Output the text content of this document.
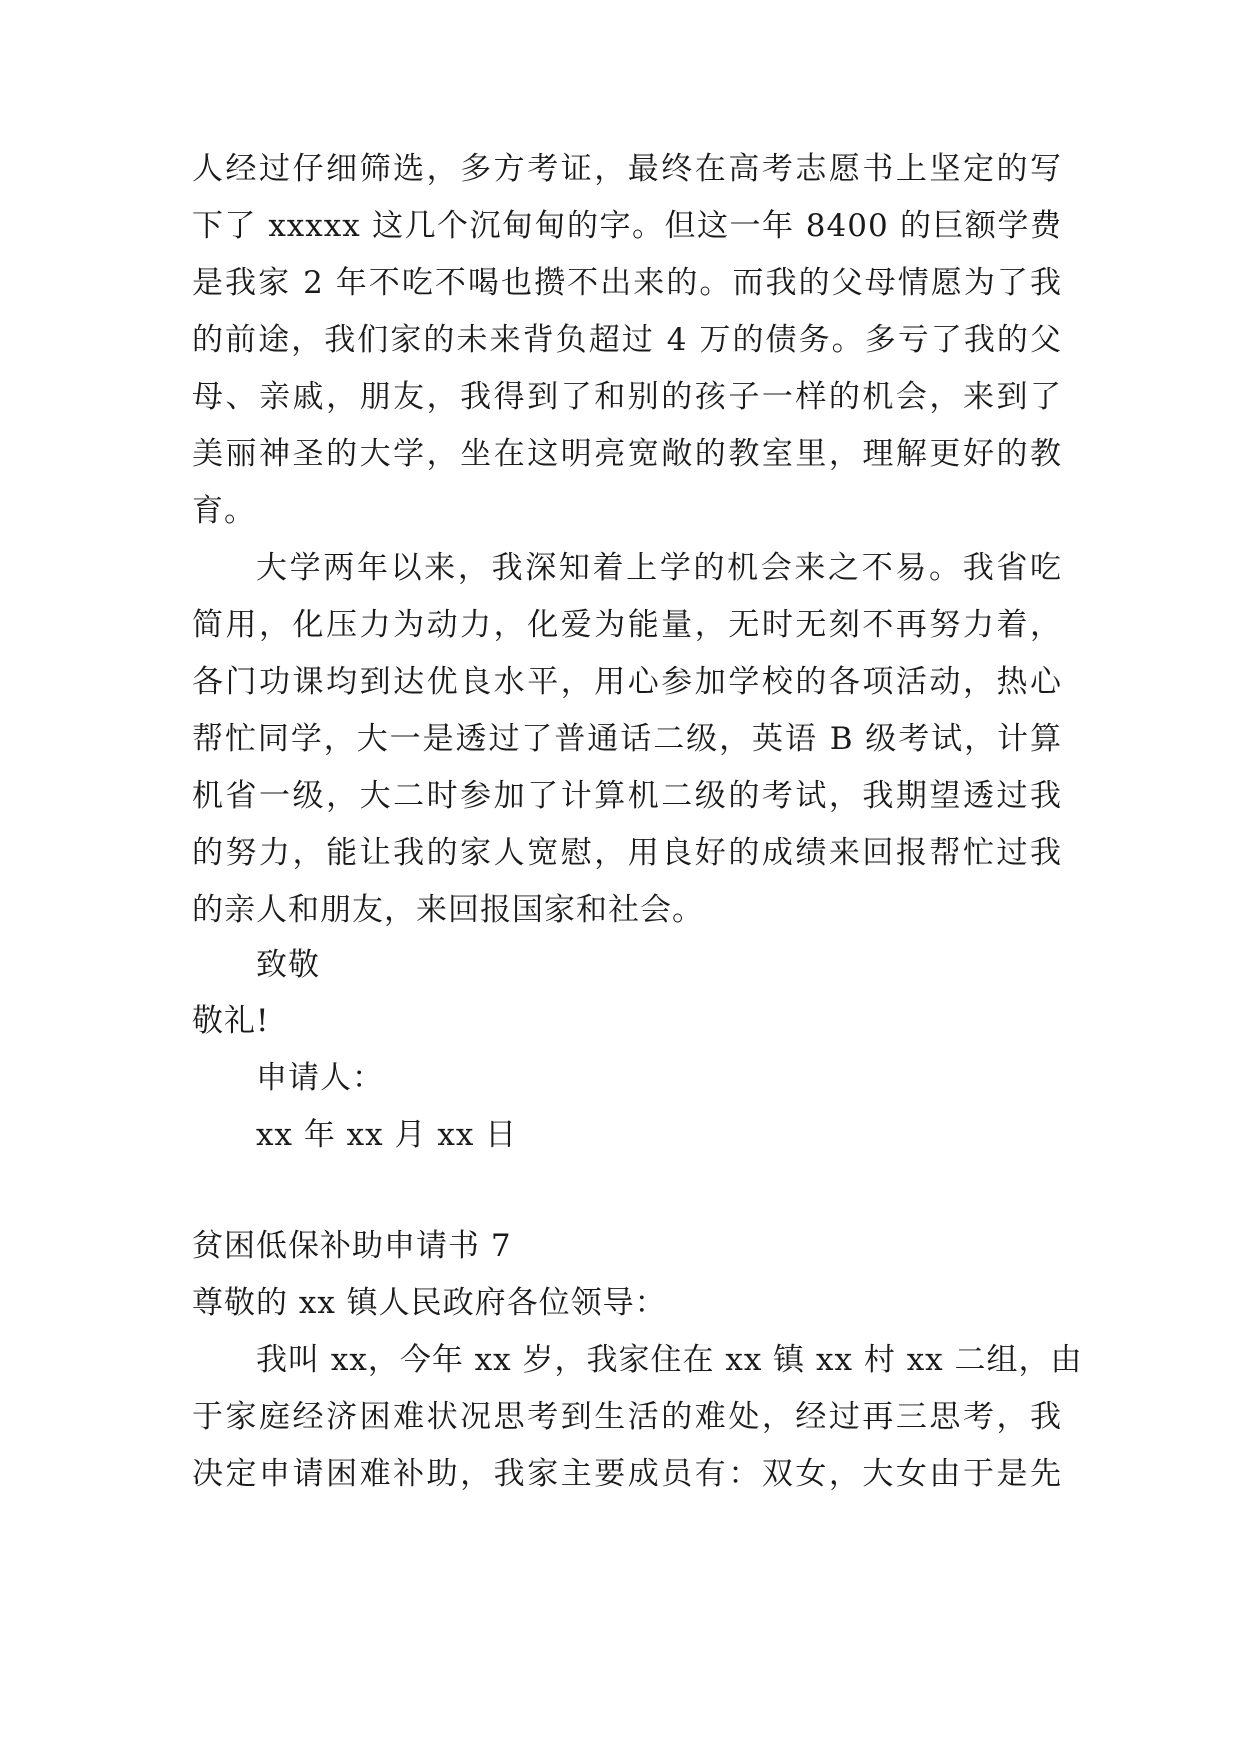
人经过仔细筛选，多方考证，最终在高考志愿书上坚定的写
下了 xxxxx 这几个沉甸甸的字。但这一年 8400 的巨额学费
是我家 2 年不吃不喝也攒不出来的。而我的父母情愿为了我
的前途，我们家的未来背负超过 4 万的债务。多亏了我的父
母、亲戚，朋友，我得到了和别的孩子一样的机会，来到了
美丽神圣的大学，坐在这明亮宽敞的教室里，理解更好的教
育。
大学两年以来，我深知着上学的机会来之不易。我省吃
简用，化压力为动力，化爱为能量，无时无刻不再努力着，
各门功课均到达优良水平，用心参加学校的各项活动，热心
帮忙同学，大一是透过了普通话二级，英语 B 级考试，计算
机省一级，大二时参加了计算机二级的考试，我期望透过我
的努力，能让我的家人宽慰，用良好的成绩来回报帮忙过我
的亲人和朋友，来回报国家和社会。
致敬
敬礼!
申请人：
xx 年 xx 月 xx 日
贫困低保补助申请书 7
尊敬的 xx 镇人民政府各位领导：
我叫 xx，今年 xx 岁，我家住在 xx 镇 xx 村 xx 二组，由
于家庭经济困难状况思考到生活的难处，经过再三思考，我
决定申请困难补助，我家主要成员有：双女，大女由于是先
